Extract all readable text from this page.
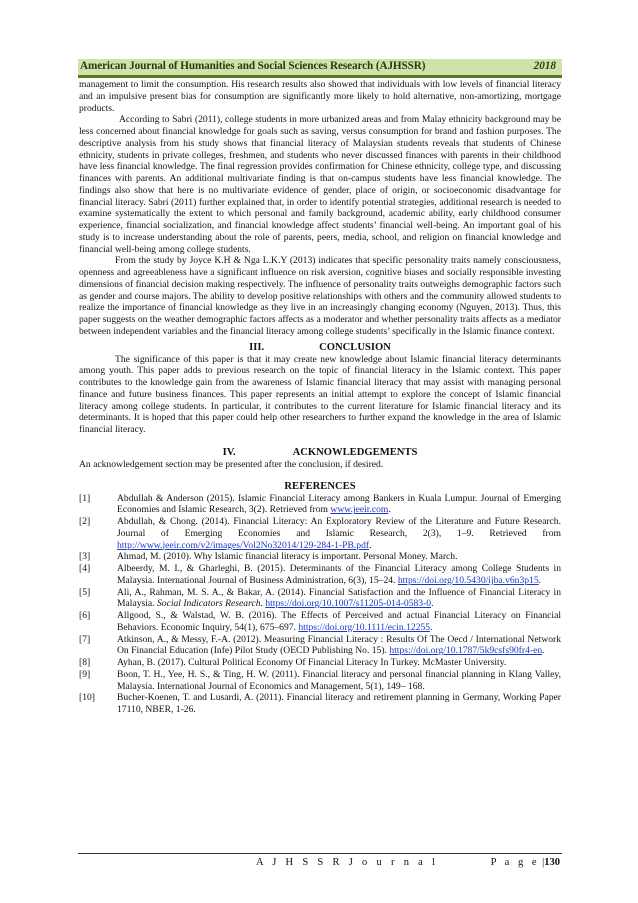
American Journal of Humanities and Social Sciences Research (AJHSSR)	2018

management to limit the consumption. His research results also showed that individuals with low levels of financial literacy and an impulsive present bias for consumption are significantly more likely to hold alternative, non-amortizing, mortgage products.

According to Sabri (2011), college students in more urbanized areas and from Malay ethnicity background may be less concerned about financial knowledge for goals such as saving, versus consumption for brand and fashion purposes. The descriptive analysis from his study shows that financial literacy of Malaysian students reveals that students of Chinese ethnicity, students in private colleges, freshmen, and students who never discussed finances with parents in their childhood have less financial knowledge. The final regression provides confirmation for Chinese ethnicity, college type, and discussing finances with parents. An additional multivariate finding is that on-campus students have less financial knowledge. The findings also show that here is no multivariate evidence of gender, place of origin, or socioeconomic disadvantage for financial literacy. Sabri (2011) further explained that, in order to identify potential strategies, additional research is needed to examine systematically the extent to which personal and family background, academic ability, early childhood consumer experience, financial socialization, and financial knowledge affect students’ financial well-being. An important goal of his study is to increase understanding about the role of parents, peers, media, school, and religion on financial knowledge and financial well-being among college students.

From the study by Joyce K.H & Nga L.K.Y (2013) indicates that specific personality traits namely consciousness, openness and agreeableness have a significant influence on risk aversion, cognitive biases and socially responsible investing dimensions of financial decision making respectively. The influence of personality traits outweighs demographic factors such as gender and course majors. The ability to develop positive relationships with others and the community allowed students to realize the importance of financial knowledge as they live in an increasingly changing economy (Nguyen, 2013). Thus, this paper suggests on the weather demographic factors affects as a moderator and whether personality traits affects as a mediator between independent variables and the financial literacy among college students’ specifically in the Islamic finance context.

III.	CONCLUSION

The significance of this paper is that it may create new knowledge about Islamic financial literacy determinants among youth. This paper adds to previous research on the topic of financial literacy in the Islamic context. This paper contributes to the knowledge gain from the awareness of Islamic financial literacy that may assist with managing personal finance and future business finances. This paper represents an initial attempt to explore the concept of Islamic financial literacy among college students. In particular, it contributes to the current literature for Islamic financial literacy and its determinants. It is hoped that this paper could help other researchers to further expand the knowledge in the area of Islamic financial literacy.

IV.	ACKNOWLEDGEMENTS

An acknowledgement section may be presented after the conclusion, if desired.

REFERENCES
[1]	Abdullah & Anderson (2015). Islamic Financial Literacy among Bankers in Kuala Lumpur. Journal of Emerging Economies and Islamic Research, 3(2). Retrieved from www.jeeir.com.
[2]	Abdullah, & Chong. (2014). Financial Literacy: An Exploratory Review of the Literature and Future Research. Journal of Emerging Economies and Islamic Research, 2(3), 1–9. Retrieved from http://www.jeeir.com/v2/images/Vol2No32014/129-284-1-PB.pdf.
[3]	Ahmad, M. (2010). Why Islamic financial literacy is important. Personal Money. March.
[4]	Albeerdy, M. I., & Gharleghi, B. (2015). Determinants of the Financial Literacy among College Students in Malaysia. International Journal of Business Administration, 6(3), 15–24. https://doi.org/10.5430/ijba.v6n3p15.
[5]	Ali, A., Rahman, M. S. A., & Bakar, A. (2014). Financial Satisfaction and the Influence of Financial Literacy in Malaysia. Social Indicators Research. https://doi.org/10.1007/s11205-014-0583-0.
[6]	Allgood, S., & Walstad, W. B. (2016). The Effects of Perceived and actual Financial Literacy on Financial Behaviors. Economic Inquiry, 54(1), 675–697. https://doi.org/10.1111/ecin.12255.
[7]	Atkinson, A., & Messy, F.-A. (2012). Measuring Financial Literacy : Results Of The Oecd / International Network On Financial Education (Infe) Pilot Study (OECD Publishing No. 15). https://doi.org/10.1787/5k9csfs90fr4-en.
[8]	Ayhan, B. (2017). Cultural Political Economy Of Financial Literacy In Turkey. McMaster University.
[9]	Boon, T. H., Yee, H. S., & Ting, H. W. (2011). Financial literacy and personal financial planning in Klang Valley, Malaysia. International Journal of Economics and Management, 5(1), 149– 168.
[10] Bucher-Koenen, T. and Lusardi, A. (2011). Financial literacy and retirement planning in Germany, Working Paper 17110, NBER, 1-26.
A J H S S R J o u r n a l	P a g e |130
